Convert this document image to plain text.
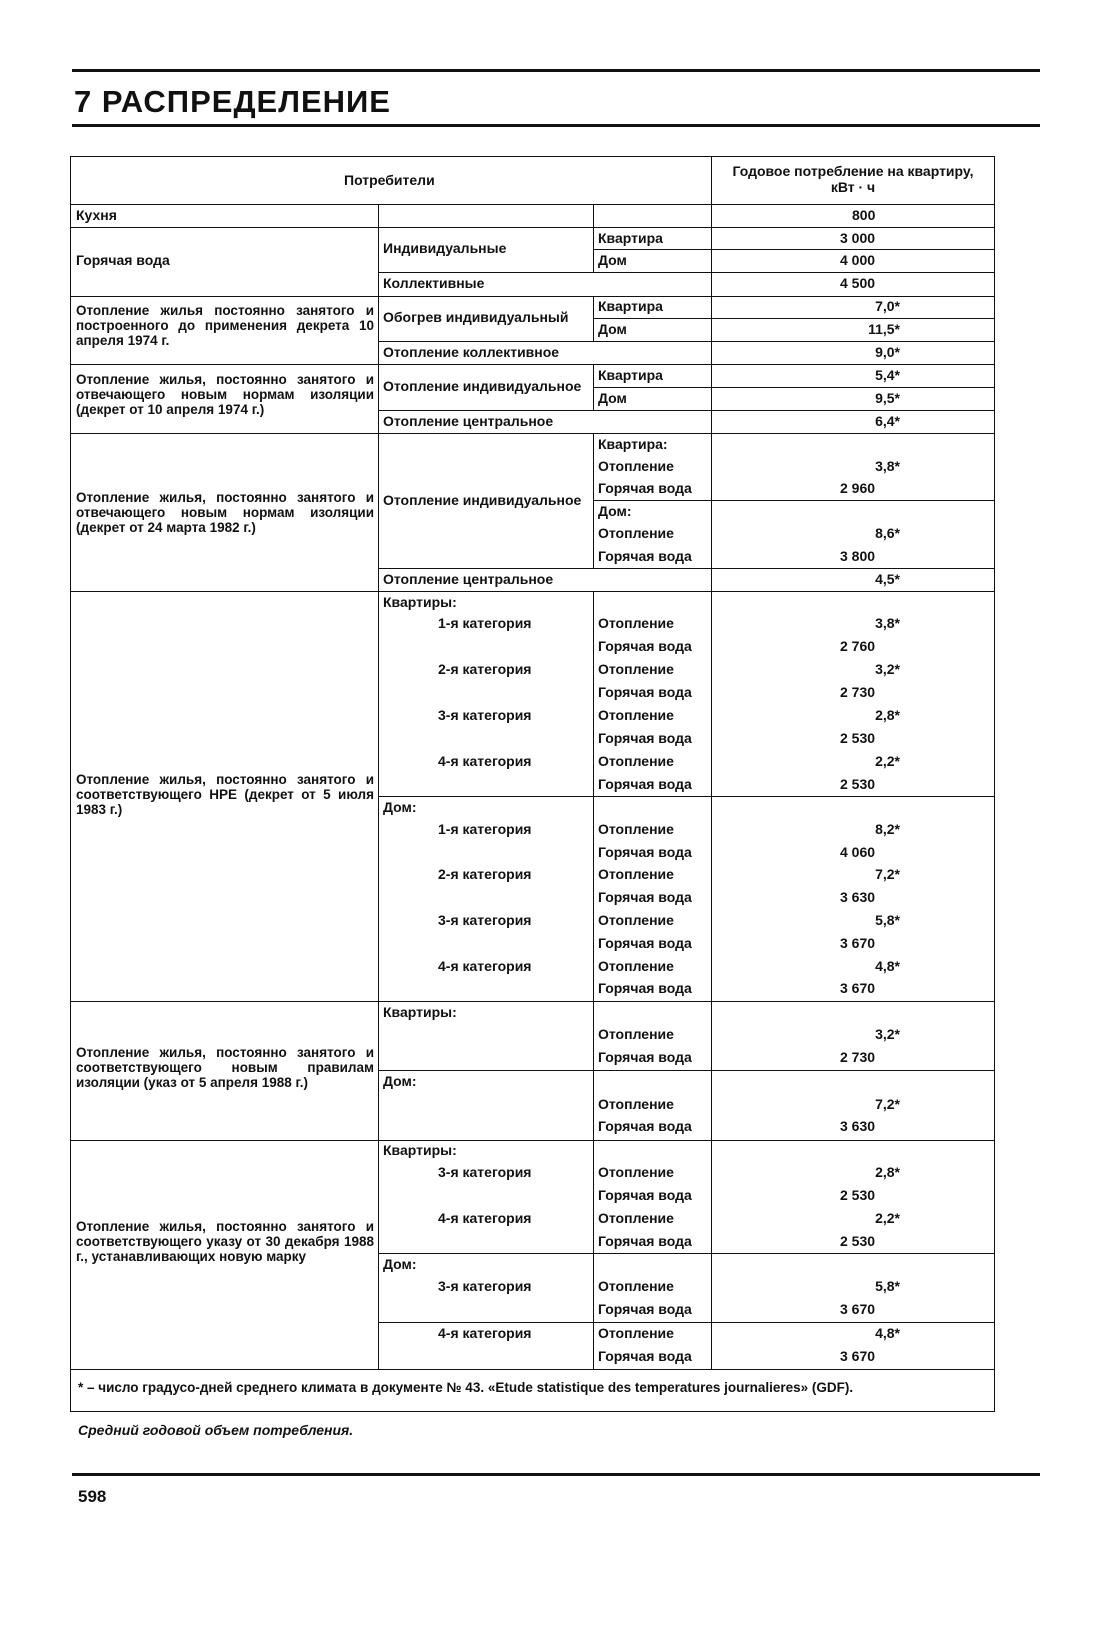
7 РАСПРЕДЕЛЕНИЕ
Потребители
Годовое потребление на квартиру, кВт · ч
Кухня	800
Горячая вода
Индивидуальные
Квартира
Дом
Коллективные
3 000
4 000
4 500
Отопление жилья постоянно занятого и построенного до применения декрета 10 апреля 1974 г.
Обогрев индивидуальный
Квартира
Дом
Отопление коллективное
7,0*
11,5*
9,0*
Отопление жилья, постоянно занятого и отвечающего новым нормам изоляции (декрет от 10 апреля 1974 г.)
Отопление индивидуальное
Квартира
Дом
Отопление центральное
5,4*
9,5*
6,4*
Отопление жилья, постоянно занятого и отвечающего новым нормам изоляции (декрет от 24 марта 1982 г.)
Отопление индивидуальное
Квартира:
Отопление
Горячая вода
Дом:
Отопление
Горячая вода
Отопление центральное
3,8*
2 960
8,6*
3 800
4,5*
Отопление жилья, постоянно занятого и соответствующего НРЕ (декрет от 5 июля 1983 г.)
Квартиры:
1-я категория
2-я категория
3-я категория
4-я категория
Отопление
Горячая вода
Отопление
Горячая вода
Отопление
Горячая вода
Отопление
Горячая вода
3,8*
2 760
3,2*
2 730
2,8*
2 530
2,2*
2 530
Дом:
1-я категория
2-я категория
3-я категория
4-я категория
Отопление
Горячая вода
Отопление
Горячая вода
Отопление
Горячая вода
Отопление
Горячая вода
8,2*
4 060
7,2*
3 630
5,8*
3 670
4,8*
3 670
Отопление жилья, постоянно занятого и соответствующего новым правилам изоляции (указ от 5 апреля 1988 г.)
Квартиры:
Отопление
Горячая вода
3,2*
2 730
Дом:
Отопление
Горячая вода
7,2*
3 630
Отопление жилья, постоянно занятого и соответствующего указу от 30 декабря 1988 г., устанавливающих новую марку
Квартиры:
3-я категория
4-я категория
Отопление
Горячая вода
Отопление
Горячая вода
2,8*
2 530
2,2*
2 530
Дом:
3-я категория
4-я категория
Отопление
Горячая вода
Отопление
Горячая вода
5,8*
3 670
4,8*
3 670
* – число градусо-дней среднего климата в документе № 43. «Etude statistique des temperatures journalieres» (GDF).
Средний годовой объем потребления.
598
